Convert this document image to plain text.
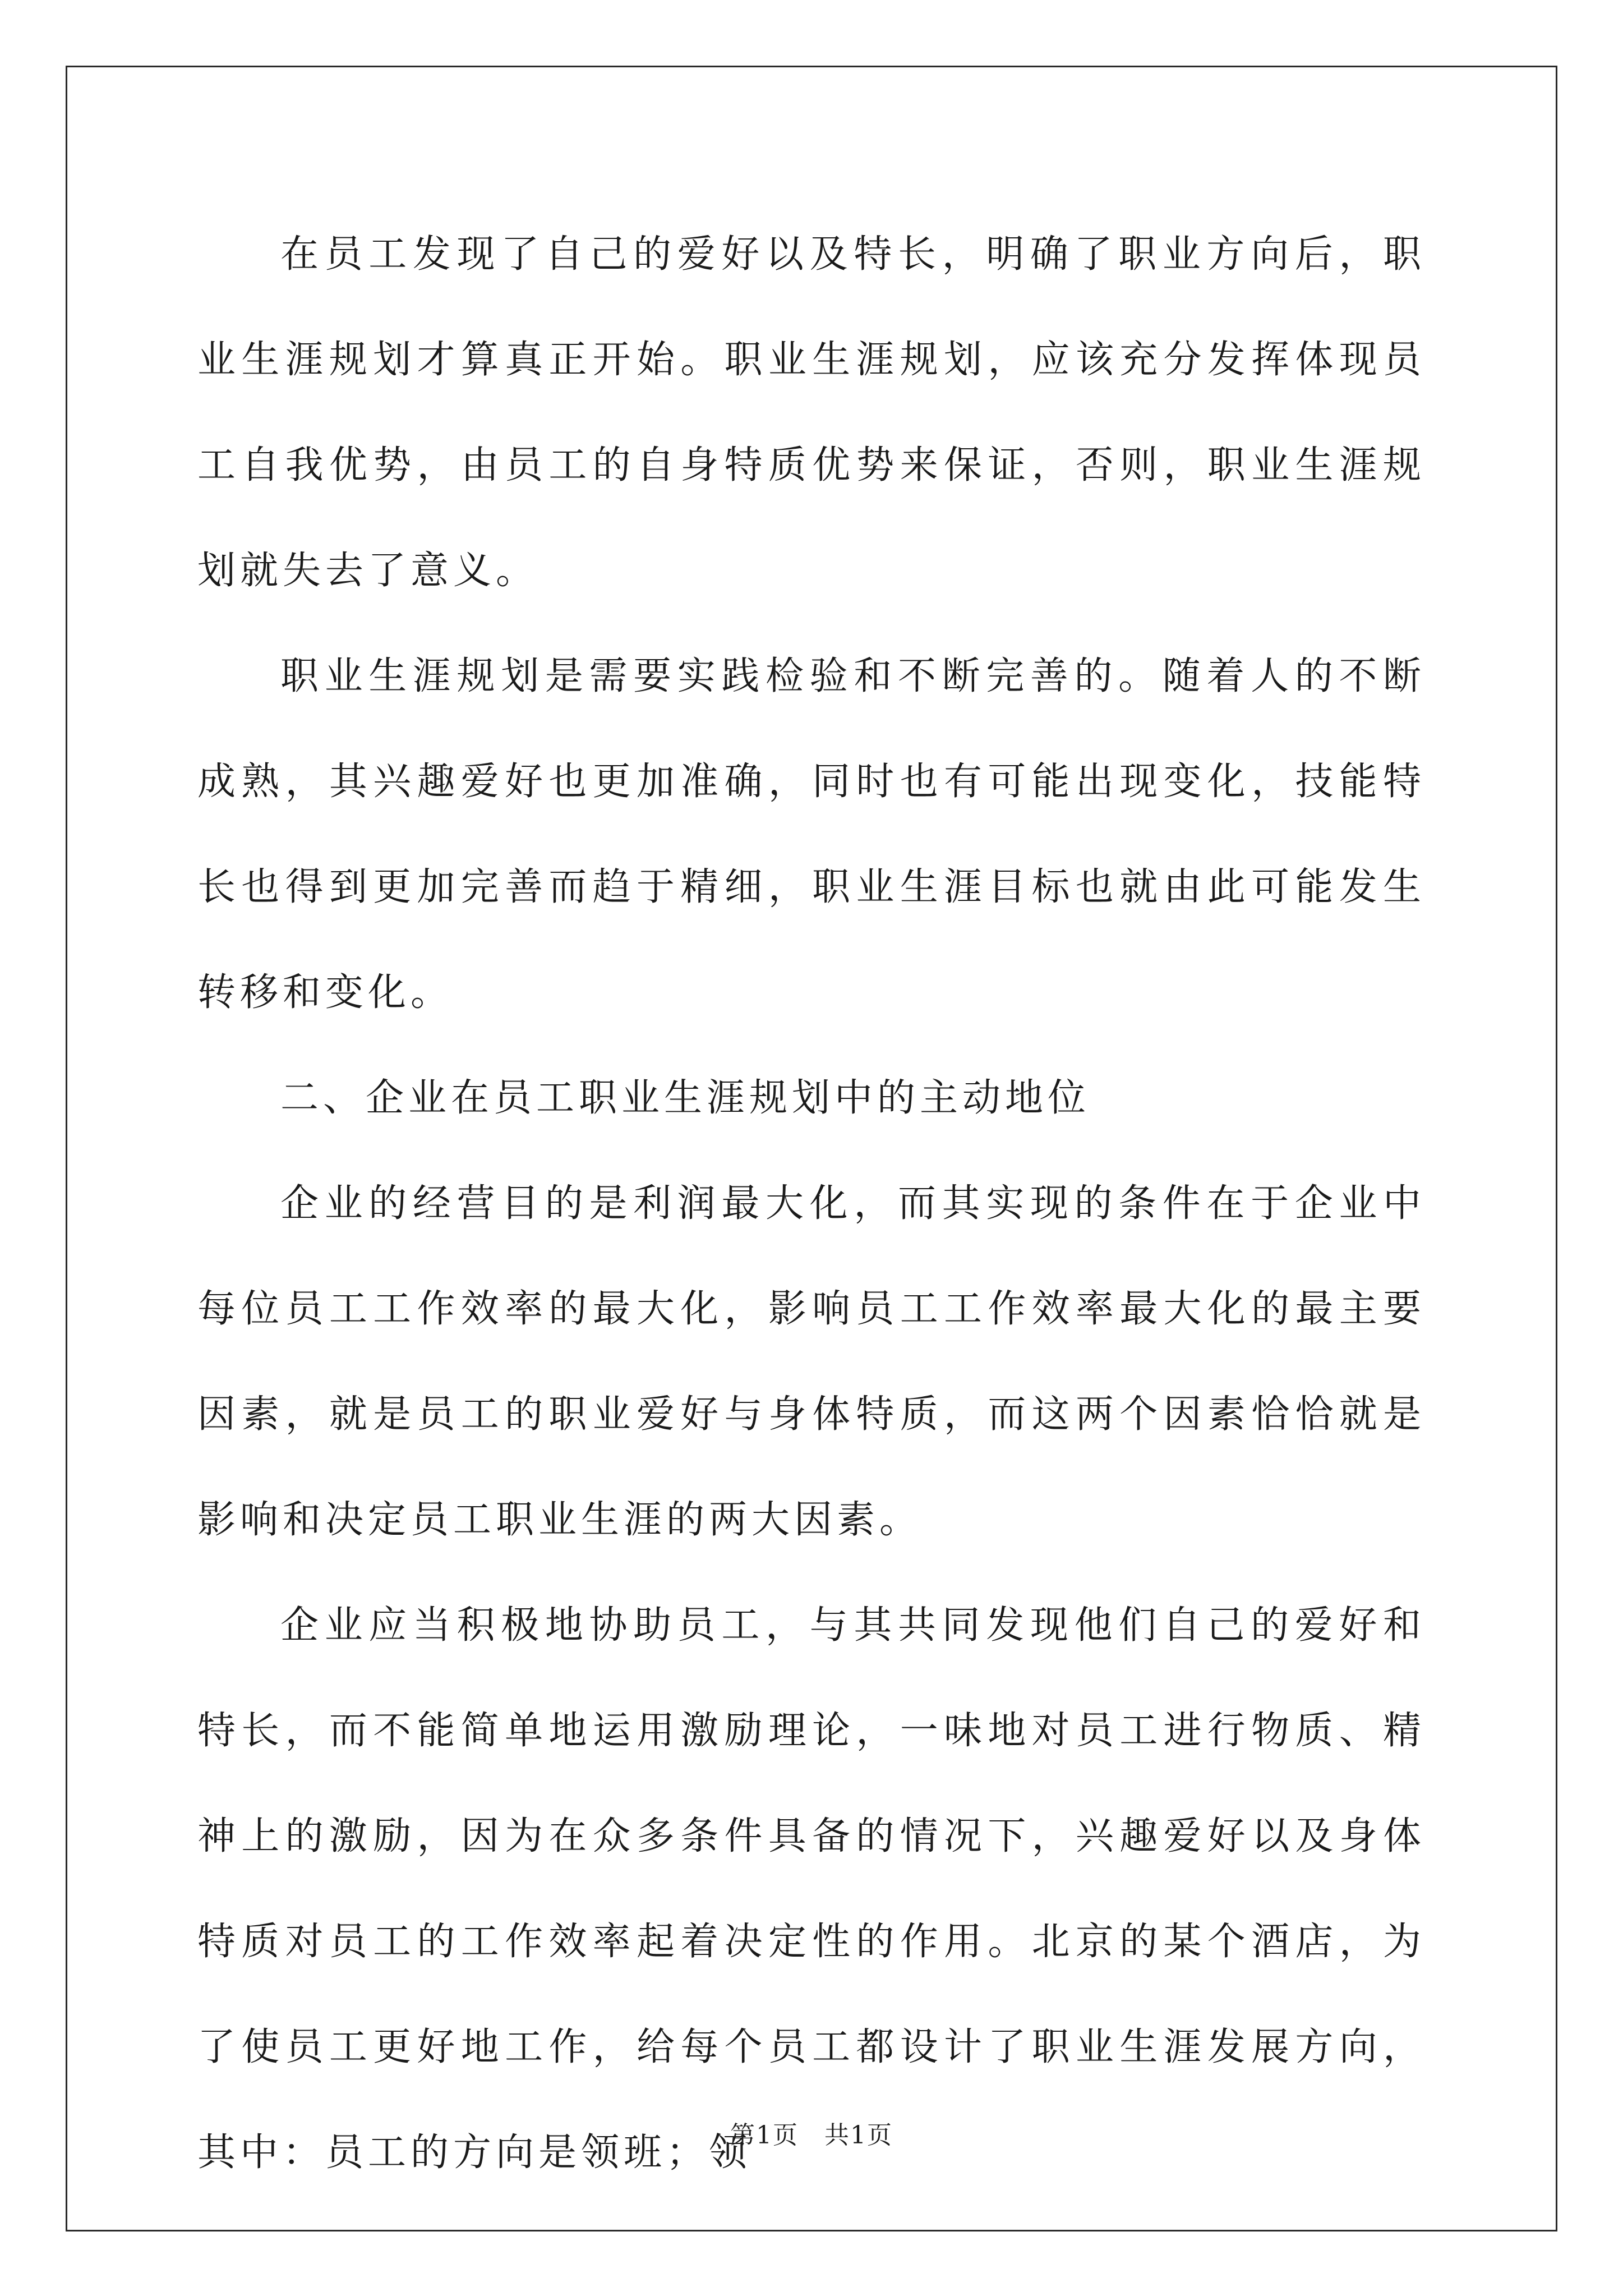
在员工发现了自己的爱好以及特长，明确了职业方向后，职业生涯规划才算真正开始。职业生涯规划，应该充分发挥体现员工自我优势，由员工的自身特质优势来保证，否则，职业生涯规划就失去了意义。

职业生涯规划是需要实践检验和不断完善的。随着人的不断成熟，其兴趣爱好也更加准确，同时也有可能出现变化，技能特长也得到更加完善而趋于精细，职业生涯目标也就由此可能发生转移和变化。

二、企业在员工职业生涯规划中的主动地位

企业的经营目的是利润最大化，而其实现的条件在于企业中每位员工工作效率的最大化，影响员工工作效率最大化的最主要因素，就是员工的职业爱好与身体特质，而这两个因素恰恰就是影响和决定员工职业生涯的两大因素。

企业应当积极地协助员工，与其共同发现他们自己的爱好和特长，而不能简单地运用激励理论，一味地对员工进行物质、精神上的激励，因为在众多条件具备的情况下，兴趣爱好以及身体特质对员工的工作效率起着决定性的作用。北京的某个酒店，为了使员工更好地工作，给每个员工都设计了职业生涯发展方向，其中：员工的方向是领班；领

第1页　共1页
